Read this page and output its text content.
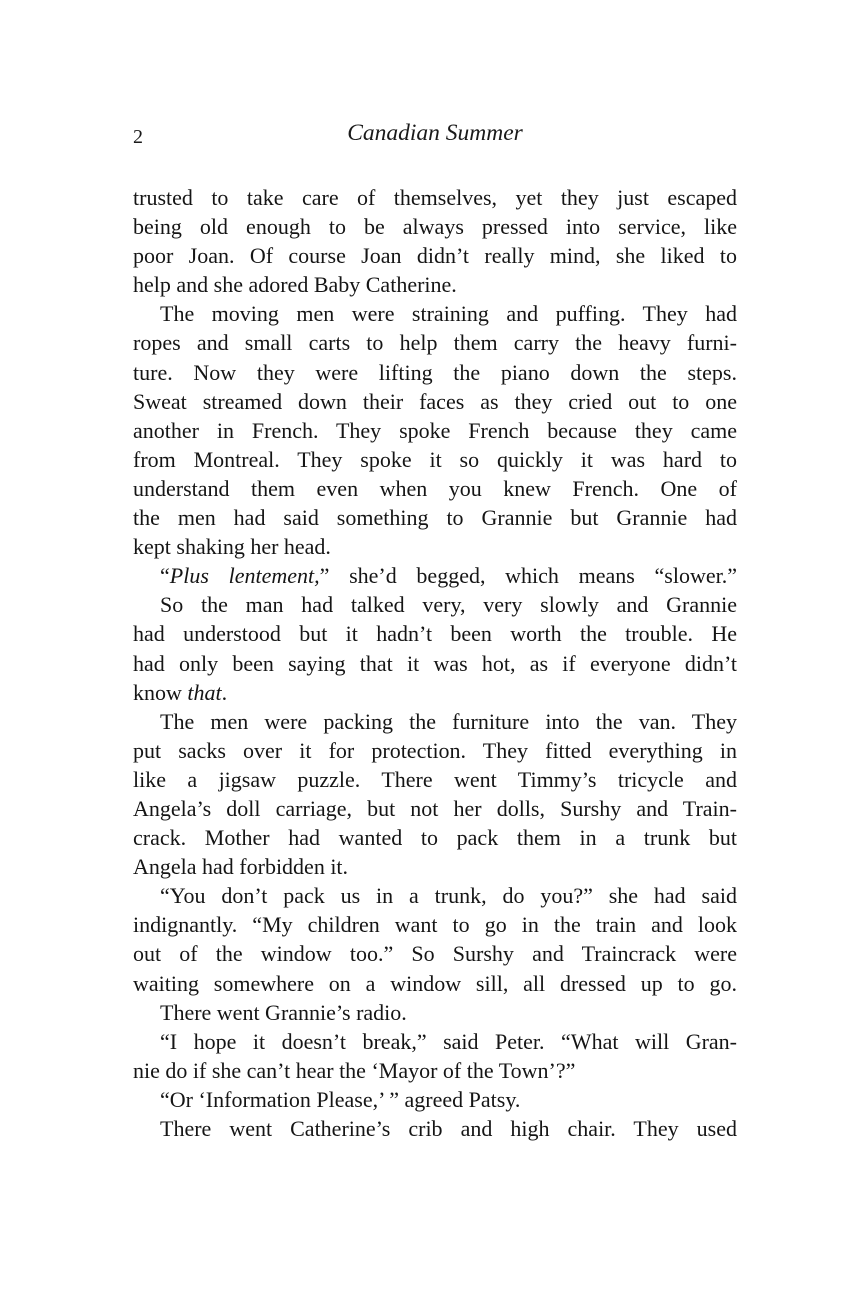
2	Canadian Summer
trusted to take care of themselves, yet they just escaped
being old enough to be always pressed into service, like
poor Joan. Of course Joan didn’t really mind, she liked to
help and she adored Baby Catherine.
The moving men were straining and puffing. They had
ropes and small carts to help them carry the heavy furni-
ture. Now they were lifting the piano down the steps.
Sweat streamed down their faces as they cried out to one
another in French. They spoke French because they came
from Montreal. They spoke it so quickly it was hard to
understand them even when you knew French. One of
the men had said something to Grannie but Grannie had
kept shaking her head.
“Plus lentement,” she’d begged, which means “slower.”
So the man had talked very, very slowly and Grannie
had understood but it hadn’t been worth the trouble. He
had only been saying that it was hot, as if everyone didn’t
know that.
The men were packing the furniture into the van. They
put sacks over it for protection. They fitted everything in
like a jigsaw puzzle. There went Timmy’s tricycle and
Angela’s doll carriage, but not her dolls, Surshy and Train-
crack. Mother had wanted to pack them in a trunk but
Angela had forbidden it.
“You don’t pack us in a trunk, do you?” she had said
indignantly. “My children want to go in the train and look
out of the window too.” So Surshy and Traincrack were
waiting somewhere on a window sill, all dressed up to go.
There went Grannie’s radio.
“I hope it doesn’t break,” said Peter. “What will Gran-
nie do if she can’t hear the ‘Mayor of the Town’?”
“Or ‘Information Please,’ ” agreed Patsy.
There went Catherine’s crib and high chair. They used
